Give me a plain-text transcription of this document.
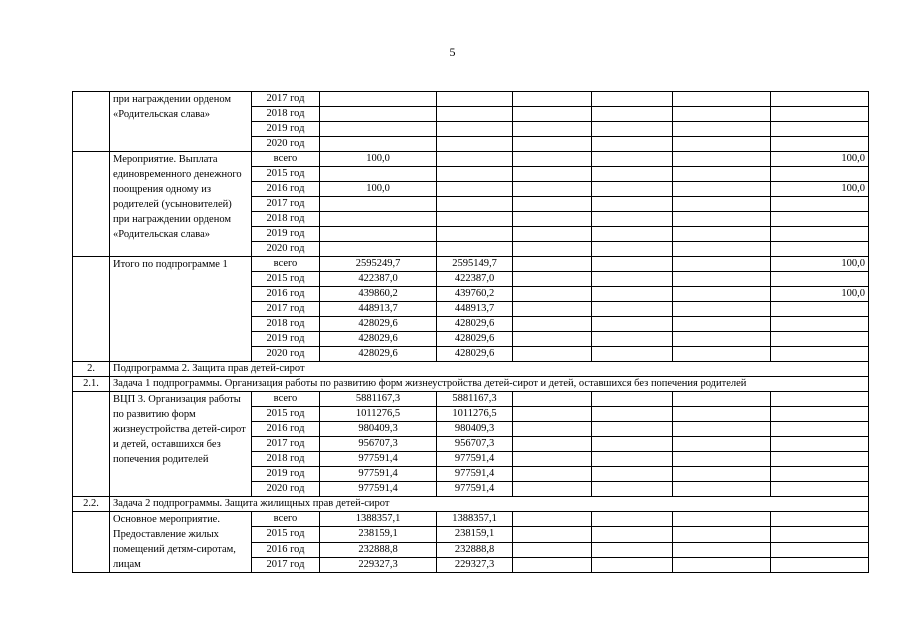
5
	при награждении орденом «Родительская слава»	2017 год						
		2018 год						
		2019 год						
		2020 год						
	Мероприятие. Выплата единовременного денежного поощрения одному из родителей (усыновителей) при награждении орденом «Родительская слава»	всего	100,0					100,0
		2015 год						
		2016 год	100,0					100,0
		2017 год						
		2018 год						
		2019 год						
		2020 год						
	Итого по подпрограмме 1	всего	2595249,7	2595149,7				100,0
		2015 год	422387,0	422387,0				
		2016 год	439860,2	439760,2				100,0
		2017 год	448913,7	448913,7				
		2018 год	428029,6	428029,6				
		2019 год	428029,6	428029,6				
		2020 год	428029,6	428029,6				
2.	Подпрограмма 2. Защита прав детей-сирот							
2.1.	Задача 1 подпрограммы. Организация работы по развитию форм жизнеустройства детей-сирот и детей, оставшихся без попечения родителей							
	ВЦП 3. Организация работы по развитию форм жизнеустройства детей-сирот и детей, оставшихся без попечения родителей	всего	5881167,3	5881167,3				
		2015 год	1011276,5	1011276,5				
		2016 год	980409,3	980409,3				
		2017 год	956707,3	956707,3				
		2018 год	977591,4	977591,4				
		2019 год	977591,4	977591,4				
		2020 год	977591,4	977591,4				
2.2.	Задача 2 подпрограммы. Защита жилищных прав детей-сирот							
	Основное мероприятие. Предоставление жилых помещений детям-сиротам, лицам	всего	1388357,1	1388357,1				
		2015 год	238159,1	238159,1				
		2016 год	232888,8	232888,8				
		2017 год	229327,3	229327,3				
